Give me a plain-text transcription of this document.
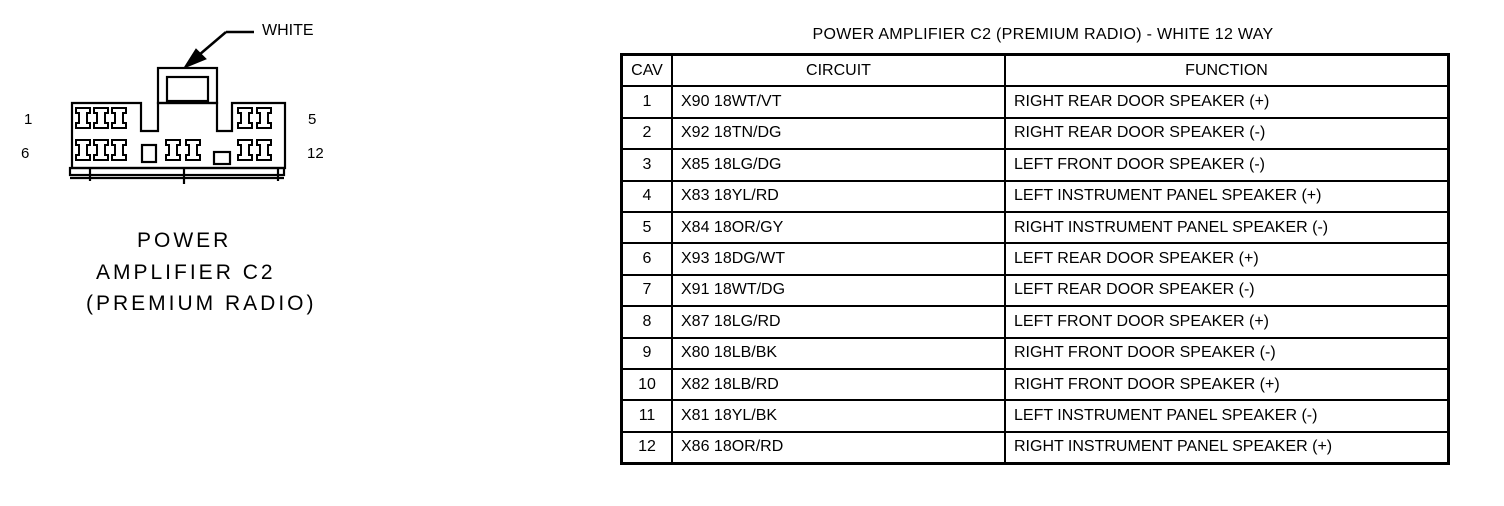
WHITE
1
6
5
12
POWER
AMPLIFIER C2
(PREMIUM RADIO)
POWER AMPLIFIER C2 (PREMIUM RADIO) - WHITE 12 WAY
CAV	CIRCUIT	FUNCTION
1	X90 18WT/VT	RIGHT REAR DOOR SPEAKER (+)
2	X92 18TN/DG	RIGHT REAR DOOR SPEAKER (-)
3	X85 18LG/DG	LEFT FRONT DOOR SPEAKER (-)
4	X83 18YL/RD	LEFT INSTRUMENT PANEL SPEAKER (+)
5	X84 18OR/GY	RIGHT INSTRUMENT PANEL SPEAKER (-)
6	X93 18DG/WT	LEFT REAR DOOR SPEAKER (+)
7	X91 18WT/DG	LEFT REAR DOOR SPEAKER (-)
8	X87 18LG/RD	LEFT FRONT DOOR SPEAKER (+)
9	X80 18LB/BK	RIGHT FRONT DOOR SPEAKER (-)
10	X82 18LB/RD	RIGHT FRONT DOOR SPEAKER (+)
11	X81 18YL/BK	LEFT INSTRUMENT PANEL SPEAKER (-)
12	X86 18OR/RD	RIGHT INSTRUMENT PANEL SPEAKER (+)
